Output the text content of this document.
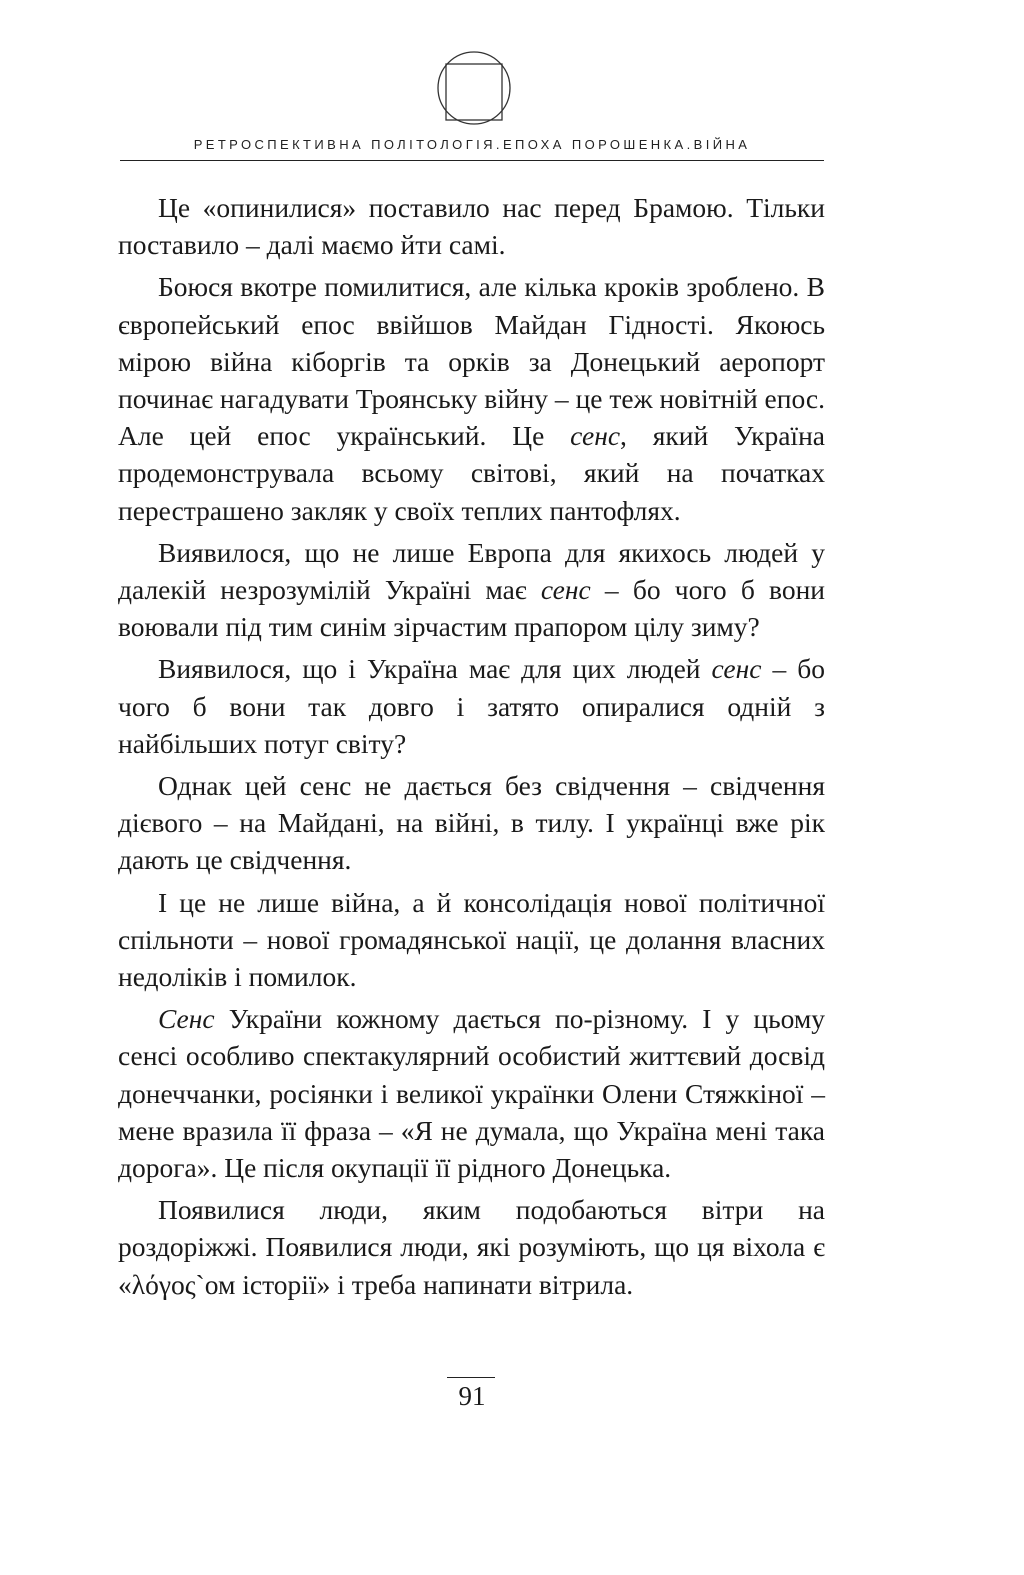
РЕТРОСПЕКТИВНА ПОЛІТОЛОГІЯ.ЕПОХА ПОРОШЕНКА.ВІЙНА

Це «опинилися» поставило нас перед Брамою. Тільки поставило – далі маємо йти самі.

Боюся вкотре помилитися, але кілька кроків зроблено. В європейський епос ввійшов Майдан Гідності. Якоюсь мірою війна кіборгів та орків за Донецький аеропорт починає нагадувати Троянську війну – це теж новітній епос. Але цей епос український. Це сенс, який Україна продемонструвала всьому світові, який на початках перестрашено закляк у своїх теплих пантофлях.

Виявилося, що не лише Европа для якихось людей у далекій незрозумілій Україні має сенс – бо чого б вони воювали під тим синім зірчастим прапором цілу зиму?

Виявилося, що і Україна має для цих людей сенс – бо чого б вони так довго і затято опиралися одній з найбільших потуг світу?

Однак цей сенс не дається без свідчення – свідчення дієвого – на Майдані, на війні, в тилу. І українці вже рік дають це свідчення.

І це не лише війна, а й консолідація нової політичної спільноти – нової громадянської нації, це долання власних недоліків і помилок.

Сенс України кожному дається по-різному. І у цьому сенсі особливо спектакулярний особистий життєвий досвід донеччанки, росіянки і великої українки Олени Стяжкіної – мене вразила її фраза – «Я не думала, що Україна мені така дорога». Це після окупації її рідного Донецька.

Появилися люди, яким подобаються вітри на роздоріжжі. Появилися люди, які розуміють, що ця віхола є «λόγος`ом історії» і треба напинати вітрила.

91
